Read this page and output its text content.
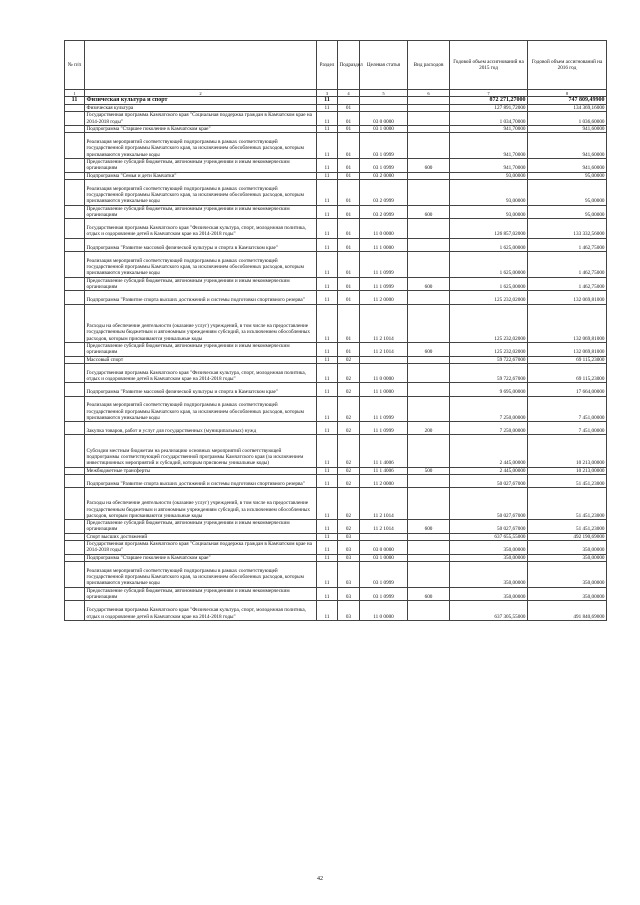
№ п/п		Раздел	Подраздел	Целевая статья	Вид расходов	Годовой объем ассигнований на 2015 год	Годовой объем ассигнований на 2016 год
1	2	3	4	5	6	7	8
11	Физическая культура и спорт	11				872 271,27000	747 809,49900
	Физическая культура	11	01			127 891,72000	134 369,16000
	Государственная программа Камчатского края "Социальная поддержка граждан в Камчатском крае на 2014-2018 годы"	11	01	03 0 0000		1 034,70000	1 036,60000
	Подпрограмма "Старшее поколение в Камчатском крае"	11	01	03 1 0000		941,70000	941,60000
	Реализация мероприятий соответствующей подпрограммы в рамках соответствующей государственной программы Камчатского края, за исключением обособленных расходов, которым присваиваются уникальные коды	11	01	03 1 0999		941,70000	941,60000
	Предоставление субсидий бюджетным, автономным учреждениям и иным некоммерческим организациям	11	01	03 1 0999	600	941,70000	941,60000
	Подпрограмма "Семья и дети Камчатки"	11	01	03 2 0000		93,00000	95,00000
	Реализация мероприятий соответствующей подпрограммы в рамках соответствующей государственной программы Камчатского края, за исключением обособленных расходов, которым присваиваются уникальные коды	11	01	03 2 0999		93,00000	95,00000
	Предоставление субсидий бюджетным, автономным учреждениям и иным некоммерческим организациям	11	01	03 2 0999	600	93,00000	95,00000
	Государственная программа Камчатского края "Физическая культура, спорт, молодежная политика, отдых и оздоровление детей в Камчатском крае на 2014-2018 годы"	11	01	11 0 0000		126 857,02000	133 332,56000
	Подпрограмма "Развитие массовой физической культуры и спорта в Камчатском крае"	11	01	11 1 0000		1 625,00000	1 462,75000
	Реализация мероприятий соответствующей подпрограммы в рамках соответствующей государственной программы Камчатского края, за исключением обособленных расходов, которым присваиваются уникальные коды	11	01	11 1 0999		1 625,00000	1 462,75000
	Предоставление субсидий бюджетным, автономным учреждениям и иным некоммерческим организациям	11	01	11 1 0999	600	1 625,00000	1 462,75000
	Подпрограмма "Развитие спорта высших достижений и системы подготовки спортивного резерва"	11	01	11 2 0000		125 232,02000	132 069,81000
	Расходы на обеспечение деятельности (оказание услуг) учреждений, в том числе на предоставление государственным бюджетным и автономным учреждениям субсидий, за исключением обособленных расходов, которым присваиваются уникальные коды	11	01	11 2 1014		125 232,02000	132 069,81000
	Предоставление субсидий бюджетным, автономным учреждениям и иным некоммерческим организациям	11	01	11 2 1014	600	125 232,02000	132 069,81000
	Массовый спорт	11	02			59 722,67000	69 115,23000
	Государственная программа Камчатского края "Физическая культура, спорт, молодежная политика, отдых и оздоровление детей в Камчатском крае на 2014-2018 годы"	11	02	11 0 0000		59 722,67000	69 115,23000
	Подпрограмма "Развитие массовой физической культуры и спорта в Камчатском крае"	11	02	11 1 0000		9 695,00000	17 664,00000
	Реализация мероприятий соответствующей подпрограммы в рамках соответствующей государственной программы Камчатского края, за исключением обособленных расходов, которым присваиваются уникальные коды	11	02	11 1 0999		7 250,00000	7 451,00000
	Закупка товаров, работ и услуг для государственных (муниципальных) нужд	11	02	11 1 0999	200	7 250,00000	7 451,00000
	Субсидии местным бюджетам на реализацию основных мероприятий соответствующей подпрограммы соответствующей государственной программы Камчатского края (за исключением инвестиционных мероприятий и субсидий, которым присвоены уникальные коды)	11	02	11 1 4006		2 445,00000	10 213,00000
	Межбюджетные трансферты	11	02	11 1 4006	500	2 445,00000	10 213,00000
	Подпрограмма "Развитие спорта высших достижений и системы подготовки спортивного резерва"	11	02	11 2 0000		50 027,67000	51 451,23000
	Расходы на обеспечение деятельности (оказание услуг) учреждений, в том числе на предоставление государственным бюджетным и автономным учреждениям субсидий, за исключением обособленных расходов, которым присваиваются уникальные коды	11	02	11 2 1014		50 027,67000	51 451,23000
	Предоставление субсидий бюджетным, автономным учреждениям и иным некоммерческим организациям	11	02	11 2 1014	600	50 027,67000	51 451,23000
	Спорт высших достижений	11	03			637 655,55000	492 190,69000
	Государственная программа Камчатского края "Социальная поддержка граждан в Камчатском крае на 2014-2018 годы"	11	03	03 0 0000		350,00000	350,00000
	Подпрограмма "Старшее поколение в Камчатском крае"	11	03	03 1 0000		350,00000	350,00000
	Реализация мероприятий соответствующей подпрограммы в рамках соответствующей государственной программы Камчатского края, за исключением обособленных расходов, которым присваиваются уникальные коды	11	03	03 1 0999		350,00000	350,00000
	Предоставление субсидий бюджетным, автономным учреждениям и иным некоммерческим организациям	11	03	03 1 0999	600	350,00000	350,00000
	Государственная программа Камчатского края "Физическая культура, спорт, молодежная политика, отдых и оздоровление детей в Камчатском крае на 2014-2018 годы"	11	03	11 0 0000		637 305,55000	491 840,69000
42
